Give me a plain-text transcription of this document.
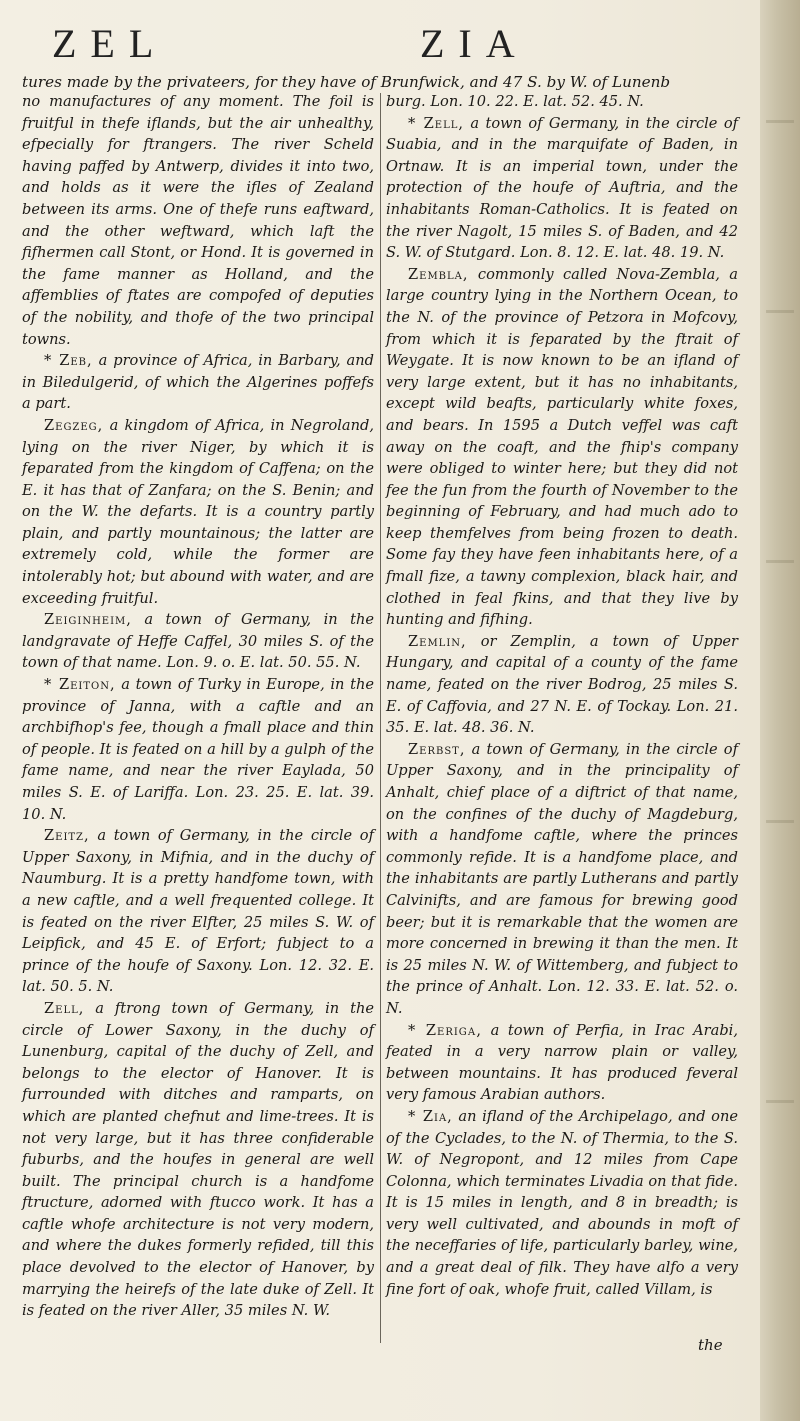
ZEL	ZIA
tures made by the privateers, for they have of Brunfwick, and 47 S. by W. of Lunenb

no manufactures of any moment. The foil is fruitful in thefe iflands, but the air unhealthy, efpecially for ftrangers. The river Scheld having paffed by Antwerp, divides it into two, and holds as it were the ifles of Zealand between its arms. One of thefe runs eaftward, and the other weftward, which laft the fifhermen call Stont, or Hond. It is governed in the fame manner as Holland, and the affemblies of ftates are compofed of deputies of the nobility, and thofe of the two principal towns.

* Zeb, a province of Africa, in Barbary, and in Biledulgerid, of which the Algerines poffefs a part.

Zegzeg, a kingdom of Africa, in Negroland, lying on the river Niger, by which it is feparated from the kingdom of Caffena; on the E. it has that of Zanfara; on the S. Benin; and on the W. the defarts. It is a country partly plain, and partly mountainous; the latter are extremely cold, while the former are intolerably hot; but abound with water, and are exceeding fruitful.

Zeiginheim, a town of Germany, in the landgravate of Heffe Caffel, 30 miles S. of the town of that name. Lon. 9. o. E. lat. 50. 55. N.

* Zeiton, a town of Turky in Europe, in the province of Janna, with a caftle and an archbifhop's fee, though a fmall place and thin of people. It is feated on a hill by a gulph of the fame name, and near the river Eaylada, 50 miles S. E. of Lariffa. Lon. 23. 25. E. lat. 39. 10. N.

Zeitz, a town of Germany, in the circle of Upper Saxony, in Mifnia, and in the duchy of Naumburg. It is a pretty handfome town, with a new caftle, and a well frequented college. It is feated on the river Elfter, 25 miles S. W. of Leipfick, and 45 E. of Erfort; fubject to a prince of the houfe of Saxony. Lon. 12. 32. E. lat. 50. 5. N.

Zell, a ftrong town of Germany, in the circle of Lower Saxony, in the duchy of Lunenburg, capital of the duchy of Zell, and belongs to the elector of Hanover. It is furrounded with ditches and ramparts, on which are planted chefnut and lime-trees. It is not very large, but it has three confiderable fuburbs, and the houfes in general are well built. The principal church is a handfome ftructure, adorned with ftucco work. It has a caftle whofe architecture is not very modern, and where the dukes formerly refided, till this place devolved to the elector of Hanover, by marrying the heirefs of the late duke of Zell. It is feated on the river Aller, 35 miles N. W.

burg. Lon. 10. 22. E. lat. 52. 45. N.

* Zell, a town of Germany, in the circle of Suabia, and in the marquifate of Baden, in Ortnaw. It is an imperial town, under the protection of the houfe of Auftria, and the inhabitants Roman-Catholics. It is feated on the river Nagolt, 15 miles S. of Baden, and 42 S. W. of Stutgard. Lon. 8. 12. E. lat. 48. 19. N.

Zembla, commonly called Nova-Zembla, a large country lying in the Northern Ocean, to the N. of the province of Petzora in Mofcovy, from which it is feparated by the ftrait of Weygate. It is now known to be an ifland of very large extent, but it has no inhabitants, except wild beafts, particularly white foxes, and bears. In 1595 a Dutch veffel was caft away on the coaft, and the fhip's company were obliged to winter here; but they did not fee the fun from the fourth of November to the beginning of February, and had much ado to keep themfelves from being frozen to death. Some fay they have feen inhabitants here, of a fmall fize, a tawny complexion, black hair, and clothed in feal fkins, and that they live by hunting and fifhing.

Zemlin, or Zemplin, a town of Upper Hungary, and capital of a county of the fame name, feated on the river Bodrog, 25 miles S. E. of Caffovia, and 27 N. E. of Tockay. Lon. 21. 35. E. lat. 48. 36. N.

Zerbst, a town of Germany, in the circle of Upper Saxony, and in the principality of Anhalt, chief place of a diftrict of that name, on the confines of the duchy of Magdeburg, with a handfome caftle, where the princes commonly refide. It is a handfome place, and the inhabitants are partly Lutherans and partly Calvinifts, and are famous for brewing good beer; but it is remarkable that the women are more concerned in brewing it than the men. It is 25 miles N. W. of Wittemberg, and fubject to the prince of Anhalt. Lon. 12. 33. E. lat. 52. o. N.

* Zerigа, a town of Perfia, in Irac Arabi, feated in a very narrow plain or valley, between mountains. It has produced feveral very famous Arabian authors.

* Zia, an ifland of the Archipelago, and one of the Cyclades, to the N. of Thermia, to the S. W. of Negropont, and 12 miles from Cape Colonna, which terminates Livadia on that fide. It is 15 miles in length, and 8 in breadth; is very well cultivated, and abounds in moft of the neceffaries of life, particularly barley, wine, and a great deal of filk. They have alfo a very fine fort of oak, whofe fruit, called Villam, is

the
